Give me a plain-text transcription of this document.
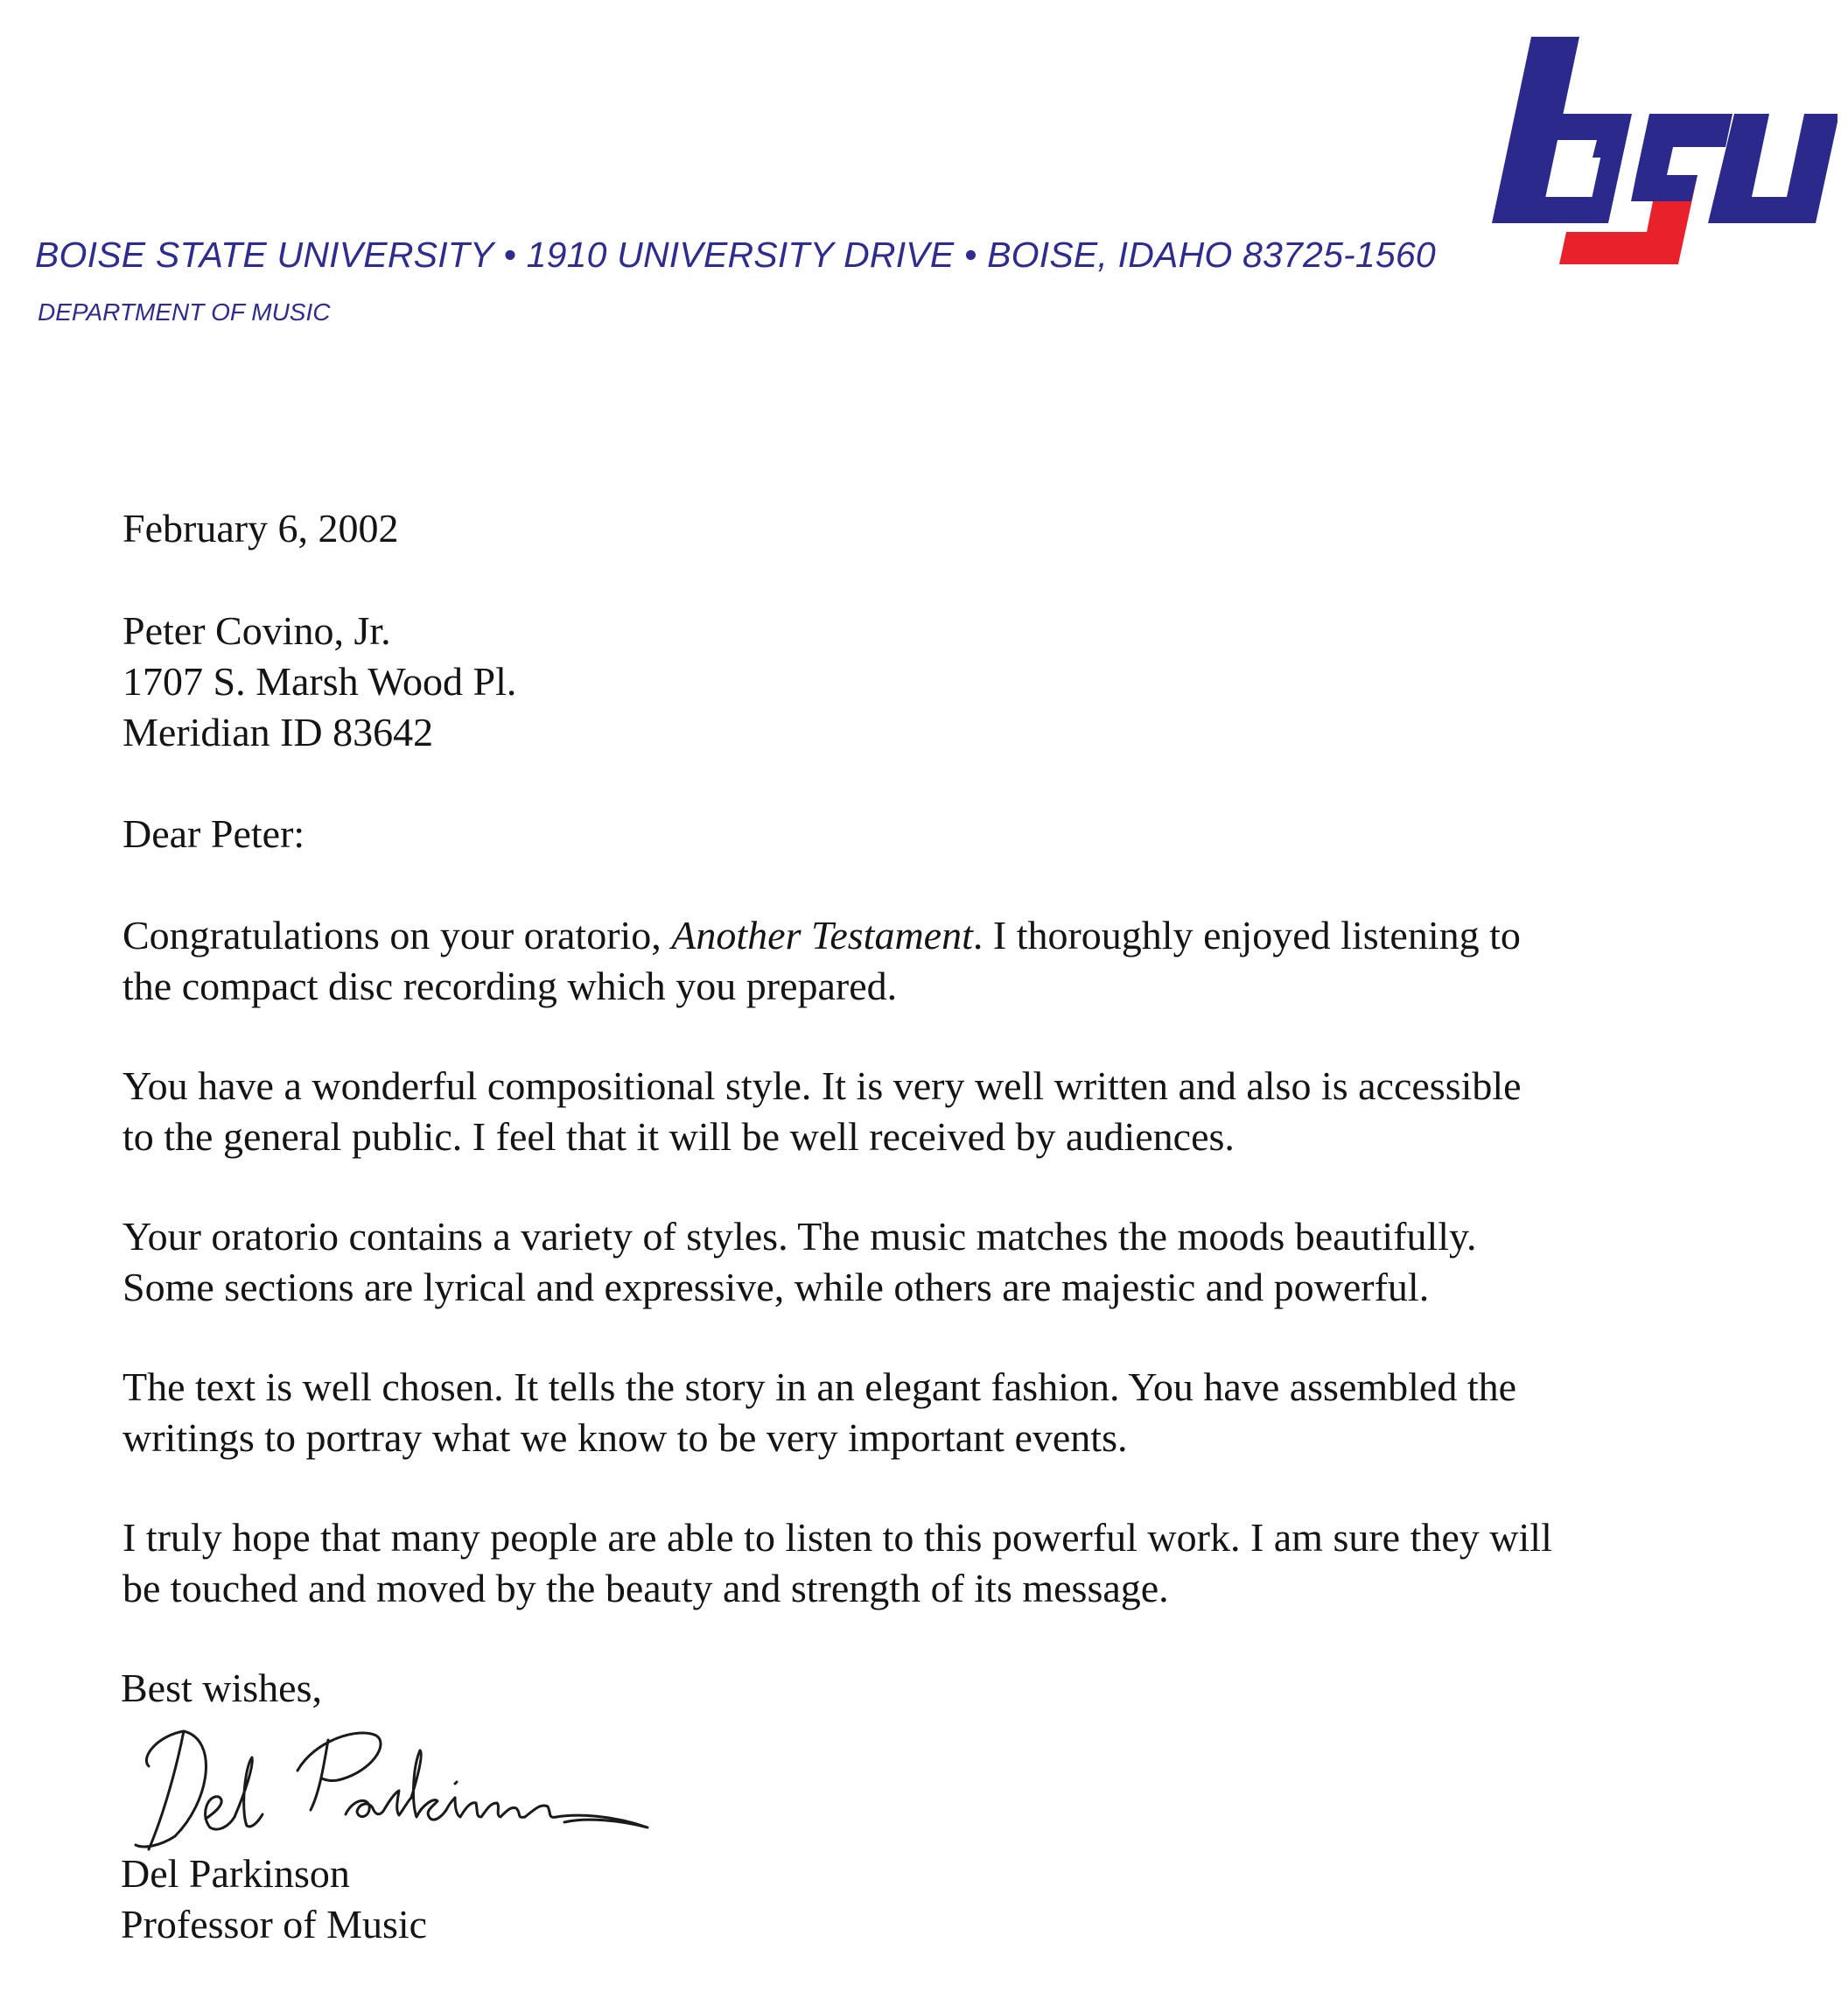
BOISE STATE UNIVERSITY • 1910 UNIVERSITY DRIVE • BOISE, IDAHO 83725-1560
DEPARTMENT OF MUSIC
February 6, 2002
Peter Covino, Jr.
1707 S. Marsh Wood Pl.
Meridian ID 83642
Dear Peter:
Congratulations on your oratorio, Another Testament. I thoroughly enjoyed listening to
the compact disc recording which you prepared.
You have a wonderful compositional style. It is very well written and also is accessible
to the general public. I feel that it will be well received by audiences.
Your oratorio contains a variety of styles. The music matches the moods beautifully.
Some sections are lyrical and expressive, while others are majestic and powerful.
The text is well chosen. It tells the story in an elegant fashion. You have assembled the
writings to portray what we know to be very important events.
I truly hope that many people are able to listen to this powerful work. I am sure they will
be touched and moved by the beauty and strength of its message.
Best wishes,
Del Parkinson
Professor of Music
